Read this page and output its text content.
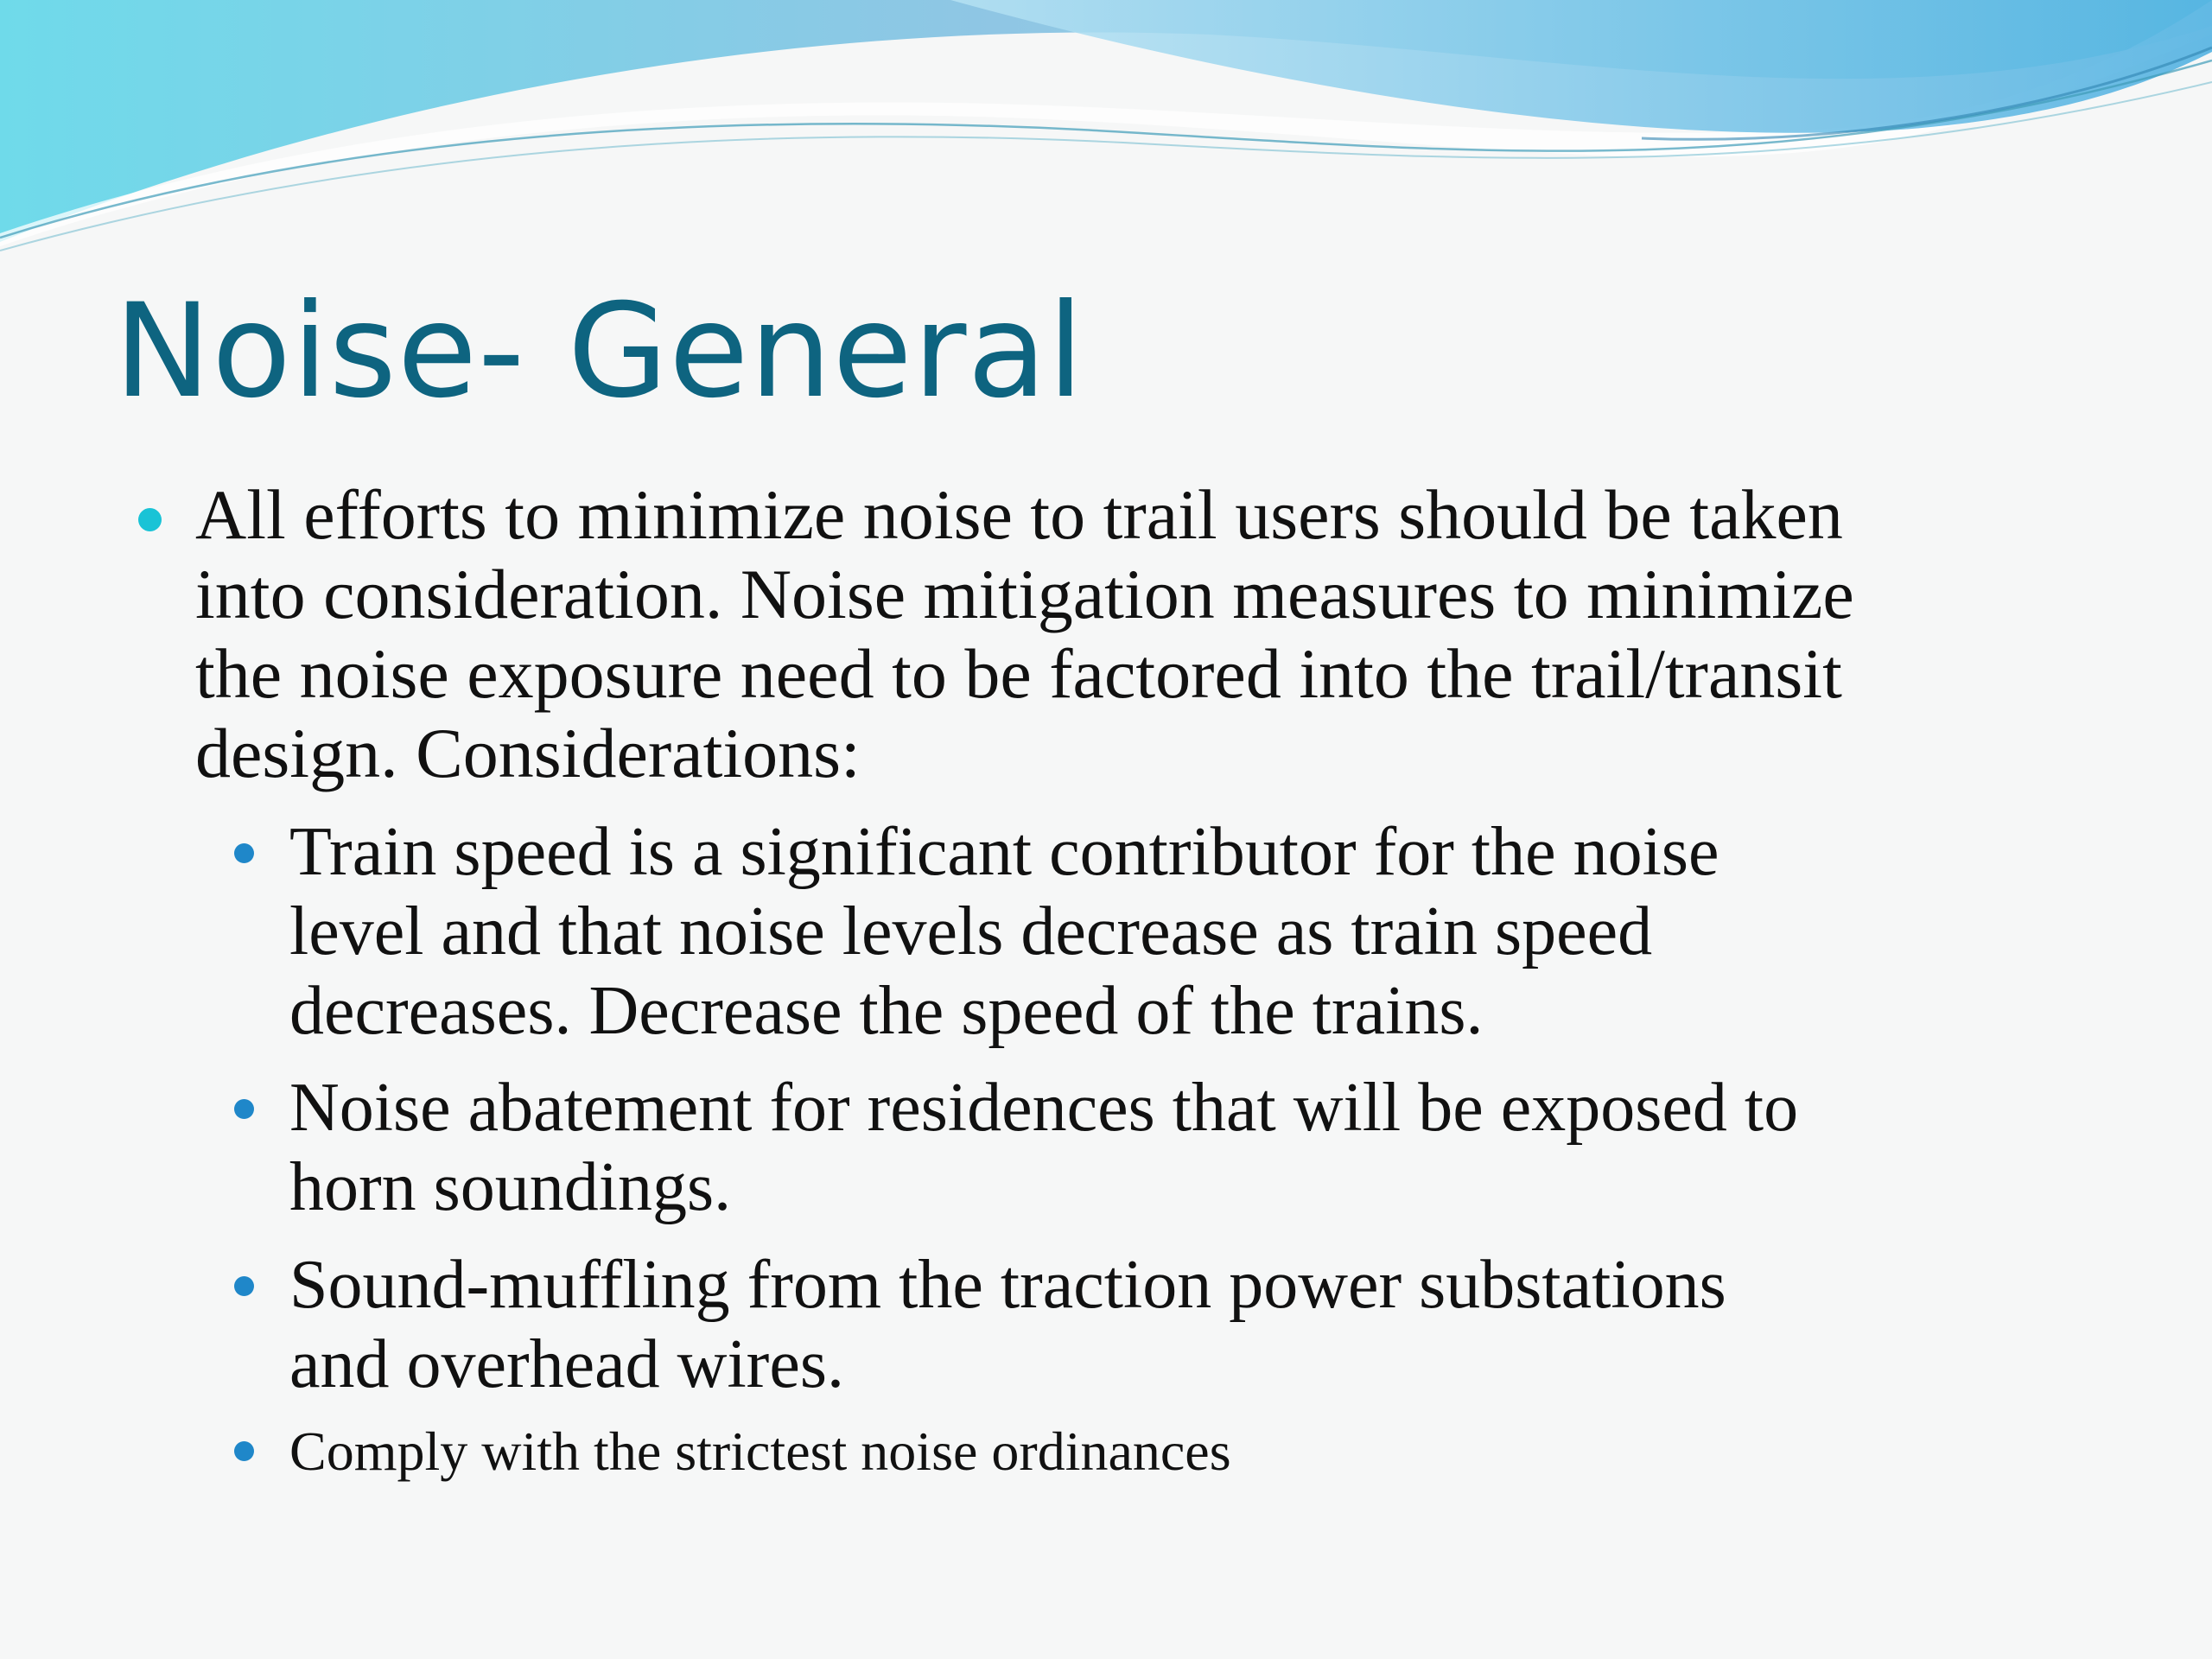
Noise- General
All efforts to minimize noise to trail users should be taken
into consideration. Noise mitigation measures to minimize
the noise exposure need to be factored into the trail/transit
design. Considerations:
Train speed is a significant contributor for the noise
level and that noise levels decrease as train speed
decreases. Decrease the speed of the trains.
Noise abatement for residences that will be exposed to
horn soundings.
Sound-muffling from the traction power substations
and overhead wires.
Comply with the strictest noise ordinances
